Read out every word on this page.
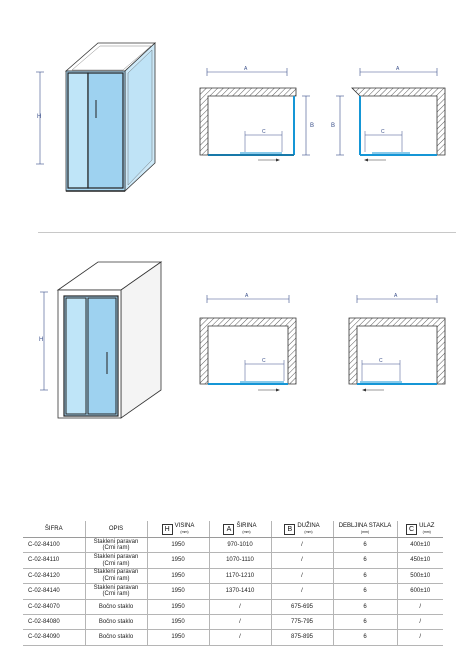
H
A
B
C
A
B
C
H
A
C
A
C
ŠIFRA	OPIS	H VISINA
(mm)	A ŠIRINA
(mm)	B DUŽINA
(mm)	DEBLJINA STAKLA
(mm)	C ULAZ
(mm)

C-02-84100	Stakleni paravan
(Crni ram)	1950	970-1010	/	6	400±10
C-02-84110	Stakleni paravan
(Crni ram)	1950	1070-1110	/	6	450±10
C-02-84120	Stakleni paravan
(Crni ram)	1950	1170-1210	/	6	500±10
C-02-84140	Stakleni paravan
(Crni ram)	1950	1370-1410	/	6	600±10
C-02-84070	Bočno staklo	1950	/	675-695	6	/
C-02-84080	Bočno staklo	1950	/	775-795	6	/
C-02-84090	Bočno staklo	1950	/	875-895	6	/
